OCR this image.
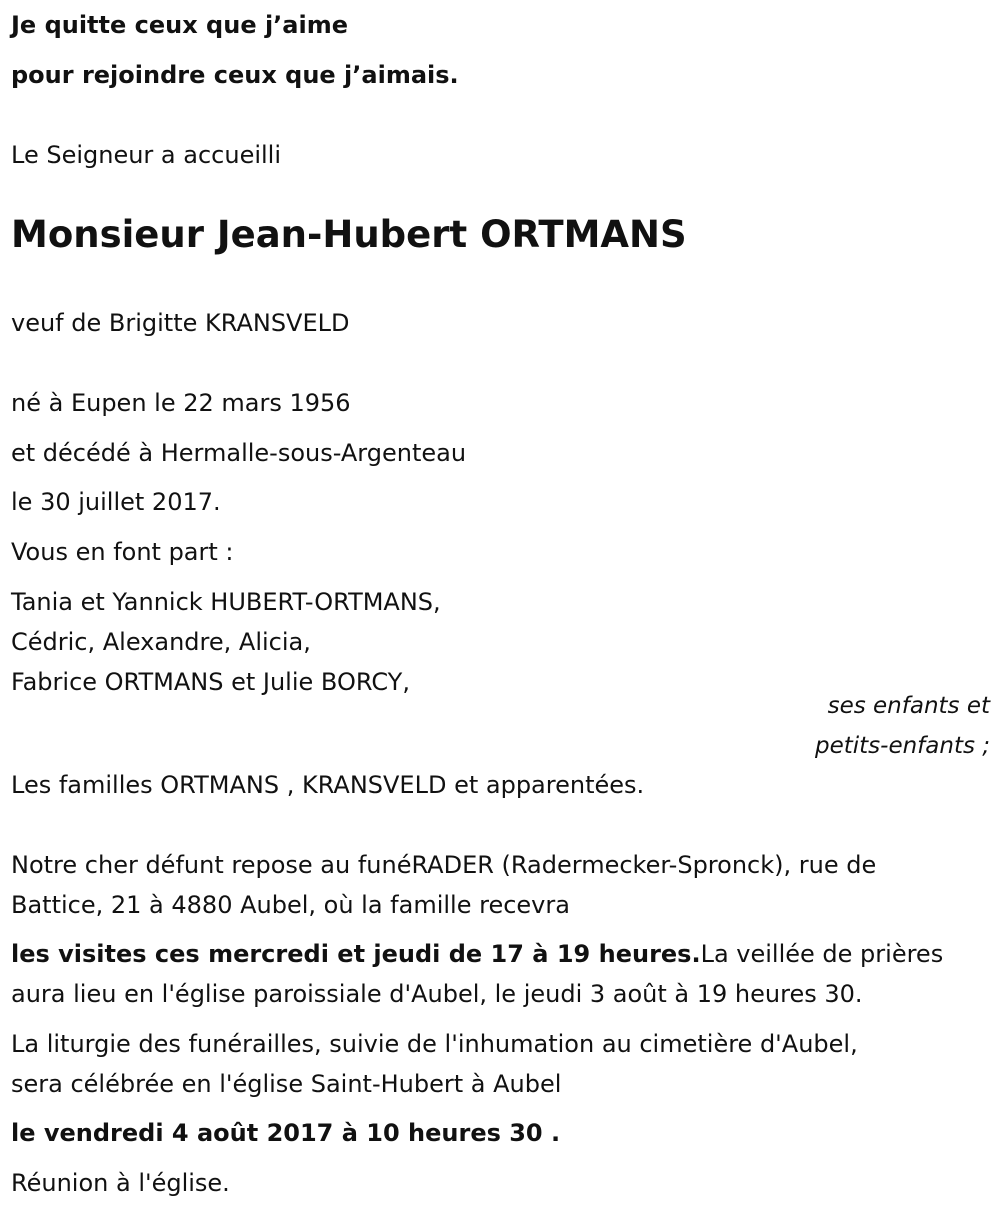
Je quitte ceux que j’aime
pour rejoindre ceux que j’aimais.
Le Seigneur a accueilli
Monsieur Jean-Hubert ORTMANS
veuf de Brigitte KRANSVELD
né à Eupen le 22 mars 1956
et décédé à Hermalle-sous-Argenteau
le 30 juillet 2017.
Vous en font part :
Tania et Yannick HUBERT-ORTMANS,
Cédric, Alexandre, Alicia,
Fabrice ORTMANS et Julie BORCY,
ses enfants et
petits-enfants ;
Les familles ORTMANS , KRANSVELD et apparentées.
Notre cher défunt repose au funéRADER (Radermecker-Spronck), rue de
Battice, 21 à 4880 Aubel, où la famille recevra
les visites ces mercredi et jeudi de 17 à 19 heures.La veillée de prières
aura lieu en l'église paroissiale d'Aubel, le jeudi 3 août à 19 heures 30.
La liturgie des funérailles, suivie de l'inhumation au cimetière d'Aubel,
sera célébrée en l'église Saint-Hubert à Aubel
le vendredi 4 août 2017 à 10 heures 30 .
Réunion à l'église.
